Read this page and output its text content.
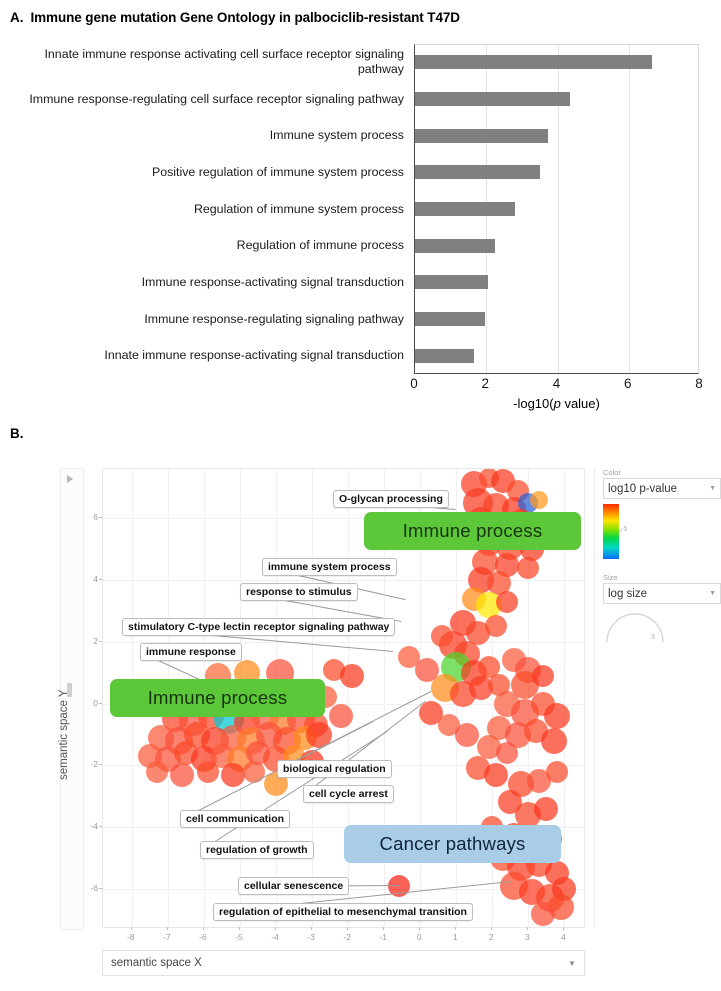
A. Immune gene mutation Gene Ontology in palbociclib-resistant T47D
Innate immune response activating cell surface receptor signaling pathway
Immune response-regulating cell surface receptor signaling pathway
Immune system process
Positive regulation of immune system process
Regulation of immune system process
Regulation of immune process
Immune response-activating signal transduction
Immune response-regulating signaling pathway
Innate immune response-activating signal transduction
0	2	4	6	8
-log10(p value)
B.
semantic space Y
6
4
2
0
-2
-4
-6
-8	-7	-6	-5	-4	-3	-2	-1	0	1	2	3	4
O-glycan processing
immune system process
response to stimulus
stimulatory C-type lectin receptor signaling pathway
immune response
biological regulation
cell cycle arrest
cell communication
regulation of growth
cellular senescence
regulation of epithelial to mesenchymal transition
Immune process
Immune process
Cancer pathways
semantic space X	▼
Color
log10 p-value	▼
-5
Size
log size	▼
3
